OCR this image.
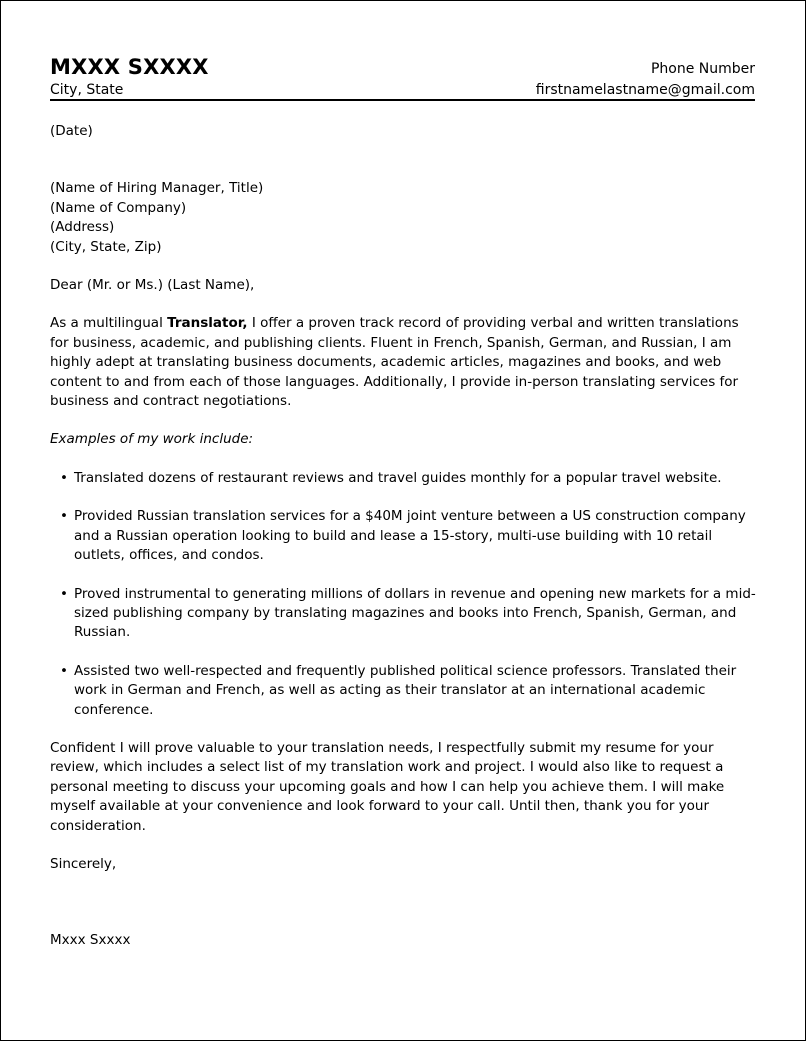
MXXX SXXXX	Phone Number
City, State	firstnamelastname@gmail.com

(Date)

(Name of Hiring Manager, Title)

(Name of Company)

(Address)

(City, State, Zip)

Dear (Mr. or Ms.) (Last Name),

As a multilingual Translator, I offer a proven track record of providing verbal and written translations for business, academic, and publishing clients. Fluent in French, Spanish, German, and Russian, I am highly adept at translating business documents, academic articles, magazines and books, and web content to and from each of those languages. Additionally, I provide in-person translating services for business and contract negotiations.

Examples of my work include:

• Translated dozens of restaurant reviews and travel guides monthly for a popular travel website.
• Provided Russian translation services for a $40M joint venture between a US construction company and a Russian operation looking to build and lease a 15-story, multi-use building with 10 retail outlets, offices, and condos.
• Proved instrumental to generating millions of dollars in revenue and opening new markets for a mid-sized publishing company by translating magazines and books into French, Spanish, German, and Russian.
• Assisted two well-respected and frequently published political science professors. Translated their work in German and French, as well as acting as their translator at an international academic conference.

Confident I will prove valuable to your translation needs, I respectfully submit my resume for your review, which includes a select list of my translation work and project. I would also like to request a personal meeting to discuss your upcoming goals and how I can help you achieve them. I will make myself available at your convenience and look forward to your call. Until then, thank you for your consideration.

Sincerely,

Mxxx Sxxxx
